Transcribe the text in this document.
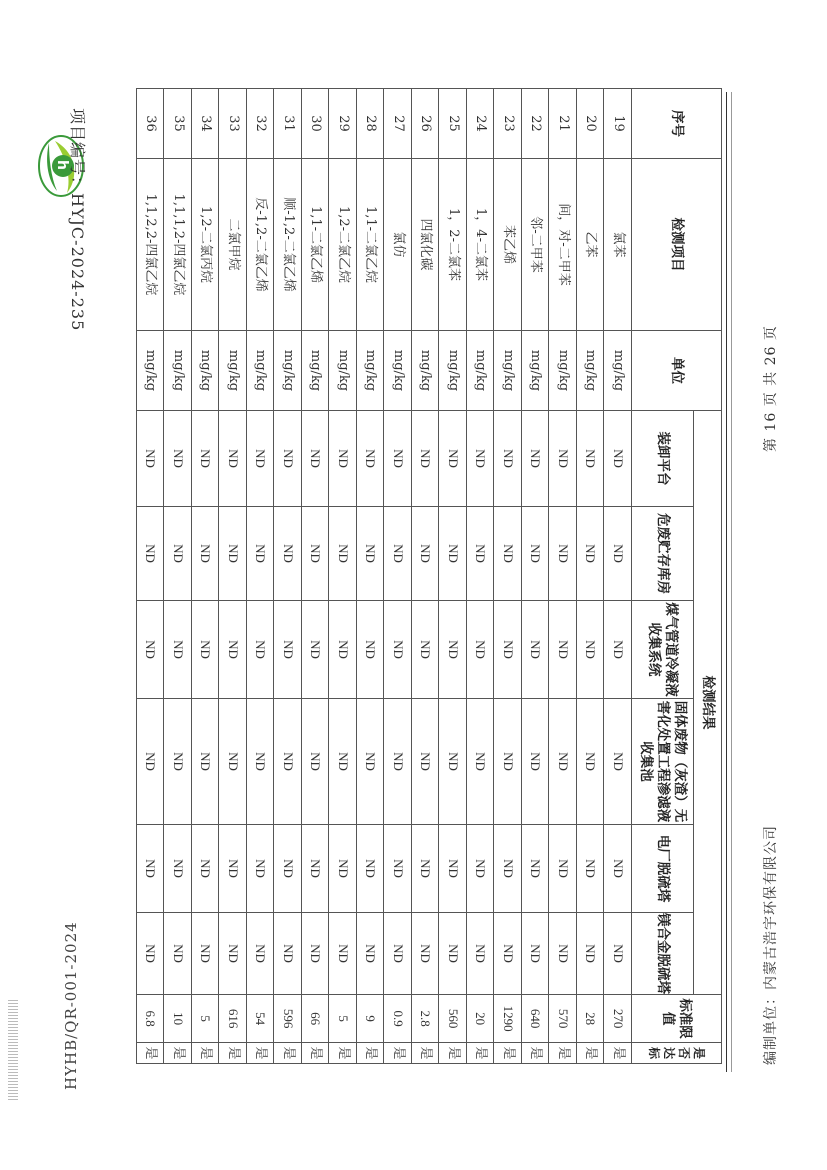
h
项目编号：HYJC-2024-235
HYHB/QR-001-2024	编制单位：内蒙古浩宇环保有限公司
第 16 页 共 26 页
序号	检测项目	单位	检测结果						标准限值	是否达标
			装卸平台	危废贮存库房	煤气管道冷凝液收集系统	固体废物（灰渣）无害化处置工程渗滤液收集池	电厂脱硫塔	镁合金脱硫塔		
19	氯苯	mg/kg	ND	ND	ND	ND	ND	ND	270	是
20	乙苯	mg/kg	ND	ND	ND	ND	ND	ND	28	是
21	间，对-二甲苯	mg/kg	ND	ND	ND	ND	ND	ND	570	是
22	邻-二甲苯	mg/kg	ND	ND	ND	ND	ND	ND	640	是
23	苯乙烯	mg/kg	ND	ND	ND	ND	ND	ND	1290	是
24	1，4-二氯苯	mg/kg	ND	ND	ND	ND	ND	ND	20	是
25	1，2-二氯苯	mg/kg	ND	ND	ND	ND	ND	ND	560	是
26	四氯化碳	mg/kg	ND	ND	ND	ND	ND	ND	2.8	是
27	氯仿	mg/kg	ND	ND	ND	ND	ND	ND	0.9	是
28	1,1-二氯乙烷	mg/kg	ND	ND	ND	ND	ND	ND	9	是
29	1,2-二氯乙烷	mg/kg	ND	ND	ND	ND	ND	ND	5	是
30	1,1-二氯乙烯	mg/kg	ND	ND	ND	ND	ND	ND	66	是
31	顺-1,2-二氯乙烯	mg/kg	ND	ND	ND	ND	ND	ND	596	是
32	反-1,2-二氯乙烯	mg/kg	ND	ND	ND	ND	ND	ND	54	是
33	二氯甲烷	mg/kg	ND	ND	ND	ND	ND	ND	616	是
34	1,2-二氯丙烷	mg/kg	ND	ND	ND	ND	ND	ND	5	是
35	1,1,1,2-四氯乙烷	mg/kg	ND	ND	ND	ND	ND	ND	10	是
36	1,1,2,2-四氯乙烷	mg/kg	ND	ND	ND	ND	ND	ND	6.8	是
